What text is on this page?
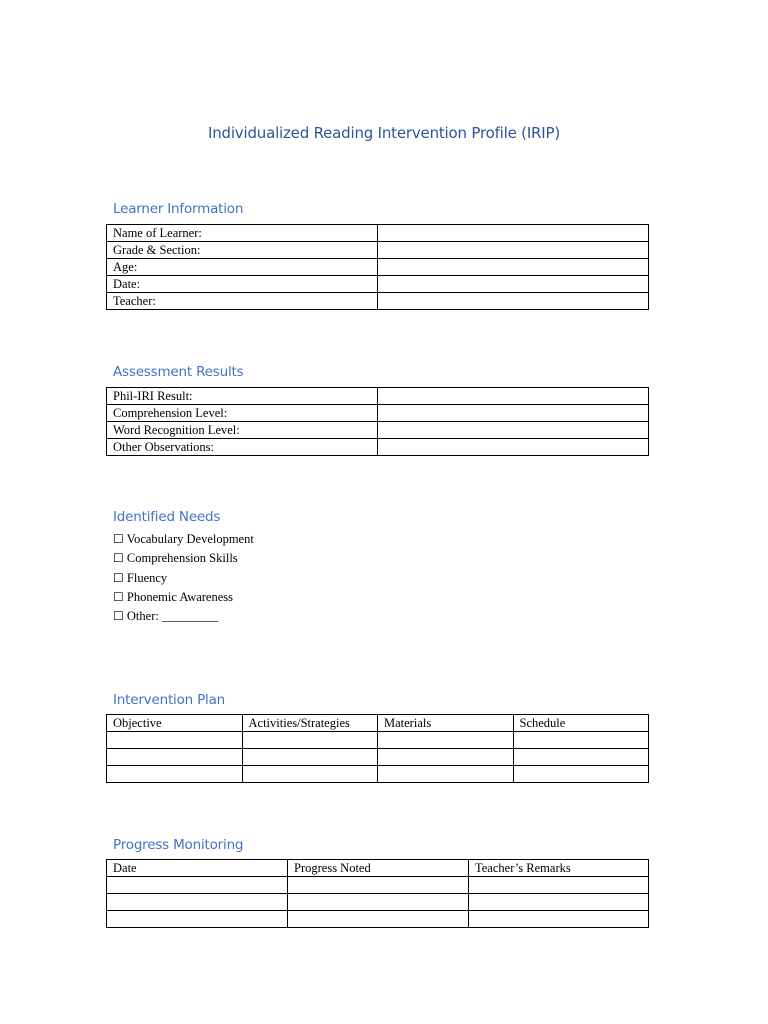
Individualized Reading Intervention Profile (IRIP)
Learner Information
Name of Learner:	
Grade & Section:	
Age:	
Date:	
Teacher:	
Assessment Results
Phil-IRI Result:	
Comprehension Level:	
Word Recognition Level:	
Other Observations:	
Identified Needs
☐ Vocabulary Development
☐ Comprehension Skills
☐ Fluency
☐ Phonemic Awareness
☐ Other: _________
Intervention Plan
Objective	Activities/Strategies	Materials	Schedule

Progress Monitoring
Date	Progress Noted	Teacher’s Remarks
